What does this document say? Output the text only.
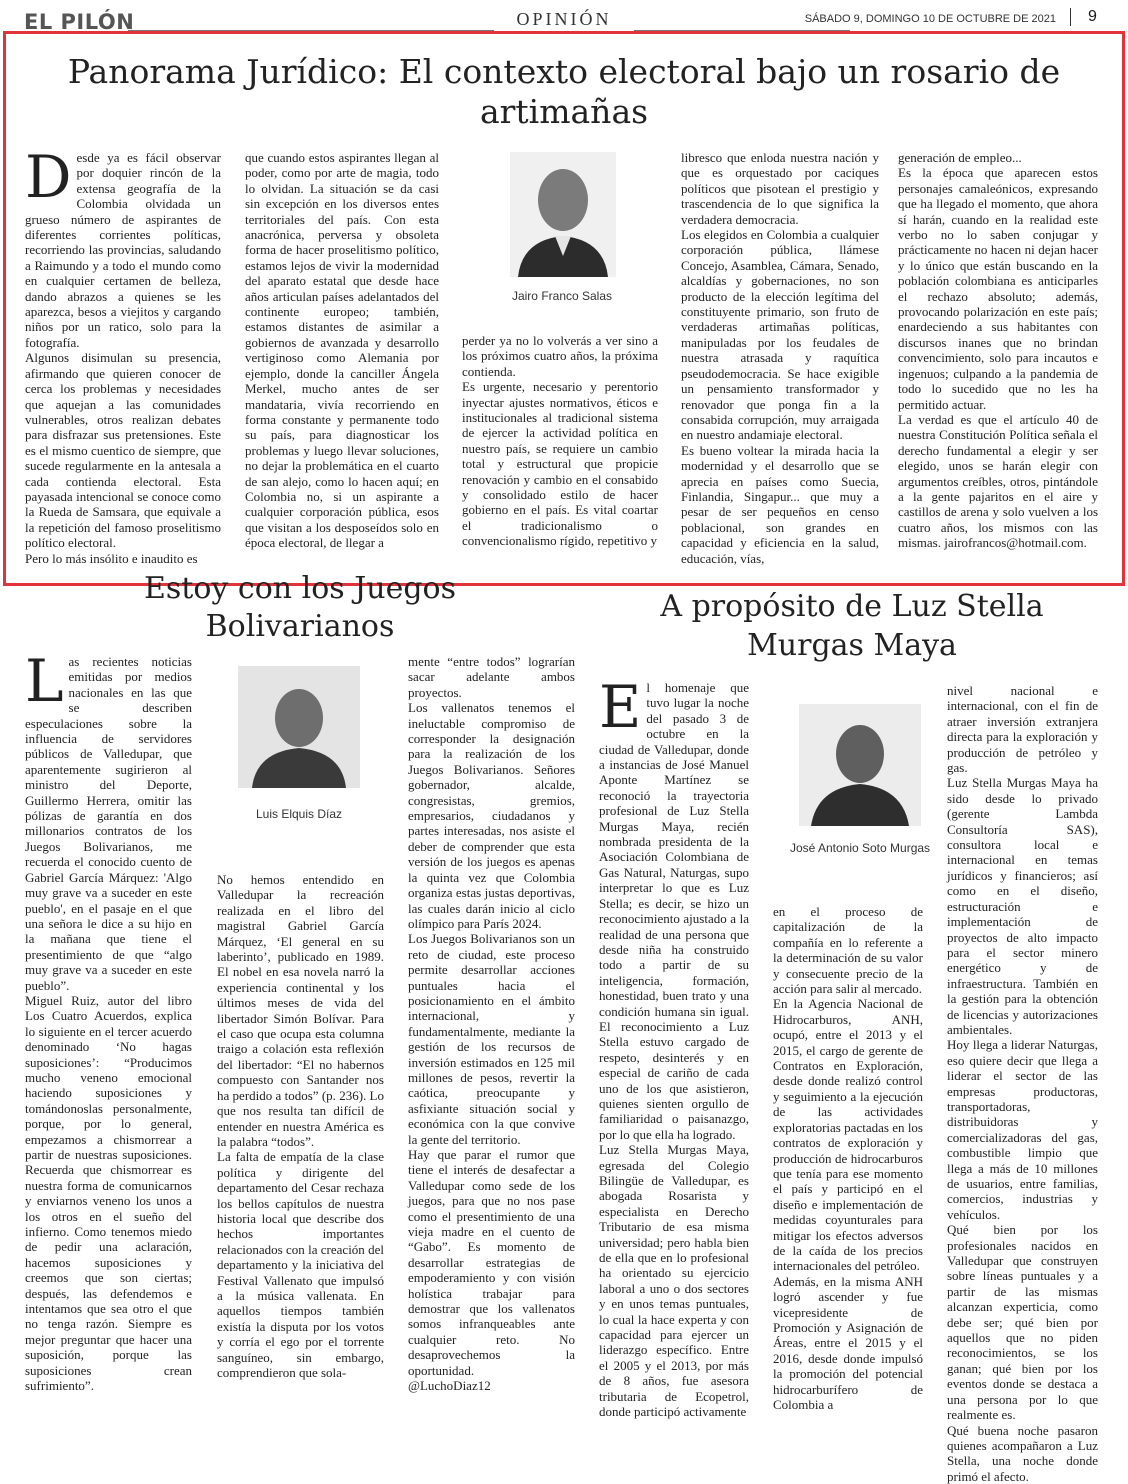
EL PILÓN	OPINIÓN	SÁBADO 9, DOMINGO 10 DE OCTUBRE DE 2021	9
Panorama Jurídico: El contexto electoral bajo un rosario de artimañas
Desde ya es fácil observar por doquier rincón de la extensa geografía de la Colombia olvidada un grueso número de aspirantes de diferentes corrientes políticas, recorriendo las provincias, saludando a Raimundo y a todo el mundo como en cualquier certamen de belleza, dando abrazos a quienes se les aparezca, besos a viejitos y cargando niños por un ratico, solo para la fotografía.
Algunos disimulan su presencia, afirmando que quieren conocer de cerca los problemas y necesidades que aquejan a las comunidades vulnerables, otros realizan debates para disfrazar sus pretensiones. Este es el mismo cuentico de siempre, que sucede regularmente en la antesala a cada contienda electoral. Esta payasada intencional se conoce como la Rueda de Samsara, que equivale a la repetición del famoso proselitismo político electoral.
Pero lo más insólito e inaudito es
que cuando estos aspirantes llegan al poder, como por arte de magia, todo lo olvidan. La situación se da casi sin excepción en los diversos entes territoriales del país. Con esta anacrónica, perversa y obsoleta forma de hacer proselitismo político, estamos lejos de vivir la modernidad del aparato estatal que desde hace años articulan países adelantados del continente europeo; también, estamos distantes de asimilar a gobiernos de avanzada y desarrollo vertiginoso como Alemania por ejemplo, donde la canciller Ángela Merkel, mucho antes de ser mandataria, vivía recorriendo en forma constante y permanente todo su país, para diagnosticar los problemas y luego llevar soluciones, no dejar la problemática en el cuarto de san alejo, como lo hacen aquí; en Colombia no, si un aspirante a cualquier corporación pública, esos que visitan a los desposeídos solo en época electoral, de llegar a
Jairo Franco Salas
perder ya no lo volverás a ver sino a los próximos cuatro años, la próxima contienda.
Es urgente, necesario y perentorio inyectar ajustes normativos, éticos e institucionales al tradicional sistema de ejercer la actividad política en nuestro país, se requiere un cambio total y estructural que propicie renovación y cambio en el consabido y consolidado estilo de hacer gobierno en el país. Es vital coartar el tradicionalismo o convencionalismo rígido, repetitivo y
libresco que enloda nuestra nación y que es orquestado por caciques políticos que pisotean el prestigio y trascendencia de lo que significa la verdadera democracia.
Los elegidos en Colombia a cualquier corporación pública, llámese Concejo, Asamblea, Cámara, Senado, alcaldías y gobernaciones, no son producto de la elección legítima del constituyente primario, son fruto de verdaderas artimañas políticas, manipuladas por los feudales de nuestra atrasada y raquítica pseudodemocracia. Se hace exigible un pensamiento transformador y renovador que ponga fin a la consabida corrupción, muy arraigada en nuestro andamiaje electoral.
Es bueno voltear la mirada hacia la modernidad y el desarrollo que se aprecia en países como Suecia, Finlandia, Singapur... que muy a pesar de ser pequeños en censo poblacional, son grandes en capacidad y eficiencia en la salud, educación, vías,
generación de empleo...
Es la época que aparecen estos personajes camaleónicos, expresando que ha llegado el momento, que ahora sí harán, cuando en la realidad este verbo no lo saben conjugar y prácticamente no hacen ni dejan hacer y lo único que están buscando en la población colombiana es anticiparles el rechazo absoluto; además, provocando polarización en este país; enardeciendo a sus habitantes con discursos inanes que no brindan convencimiento, solo para incautos e ingenuos; culpando a la pandemia de todo lo sucedido que no les ha permitido actuar.
La verdad es que el artículo 40 de nuestra Constitución Política señala el derecho fundamental a elegir y ser elegido, unos se harán elegir con argumentos creíbles, otros, pintándole a la gente pajaritos en el aire y castillos de arena y solo vuelven a los cuatro años, los mismos con las mismas. jairofrancos@hotmail.com.
Estoy con los Juegos Bolivarianos
Las recientes noticias emitidas por medios nacionales en las que se describen especulaciones sobre la influencia de servidores públicos de Valledupar, que aparentemente sugirieron al ministro del Deporte, Guillermo Herrera, omitir las pólizas de garantía en dos millonarios contratos de los Juegos Bolivarianos, me recuerda el conocido cuento de Gabriel García Márquez: 'Algo muy grave va a suceder en este pueblo', en el pasaje en el que una señora le dice a su hijo en la mañana que tiene el presentimiento de que “algo muy grave va a suceder en este pueblo”.
Miguel Ruiz, autor del libro Los Cuatro Acuerdos, explica lo siguiente en el tercer acuerdo denominado ‘No hagas suposiciones’: “Producimos mucho veneno emocional haciendo suposiciones y tomándonoslas personalmente, porque, por lo general, empezamos a chismorrear a partir de nuestras suposiciones. Recuerda que chismorrear es nuestra forma de comunicarnos y enviarnos veneno los unos a los otros en el sueño del infierno. Como tenemos miedo de pedir una aclaración, hacemos suposiciones y creemos que son ciertas; después, las defendemos e intentamos que sea otro el que no tenga razón. Siempre es mejor preguntar que hacer una suposición, porque las suposiciones crean sufrimiento”.
Luis Elquis Díaz
No hemos entendido en Valledupar la recreación realizada en el libro del magistral Gabriel García Márquez, ‘El general en su laberinto’, publicado en 1989. El nobel en esa novela narró la experiencia continental y los últimos meses de vida del libertador Simón Bolívar. Para el caso que ocupa esta columna traigo a colación esta reflexión del libertador: “El no habernos compuesto con Santander nos ha perdido a todos” (p. 236). Lo que nos resulta tan difícil de entender en nuestra América es la palabra “todos”.
La falta de empatía de la clase política y dirigente del departamento del Cesar rechaza los bellos capítulos de nuestra historia local que describe dos hechos importantes relacionados con la creación del departamento y la iniciativa del Festival Vallenato que impulsó a la música vallenata. En aquellos tiempos también existía la disputa por los votos y corría el ego por el torrente sanguíneo, sin embargo, comprendieron que sola-
mente “entre todos” lograrían sacar adelante ambos proyectos.
Los vallenatos tenemos el ineluctable compromiso de corresponder la designación para la realización de los Juegos Bolivarianos. Señores gobernador, alcalde, congresistas, gremios, empresarios, ciudadanos y partes interesadas, nos asiste el deber de comprender que esta versión de los juegos es apenas la quinta vez que Colombia organiza estas justas deportivas, las cuales darán inicio al ciclo olímpico para París 2024.
Los Juegos Bolivarianos son un reto de ciudad, este proceso permite desarrollar acciones puntuales hacia el posicionamiento en el ámbito internacional, y fundamentalmente, mediante la gestión de los recursos de inversión estimados en 125 mil millones de pesos, revertir la caótica, preocupante y asfixiante situación social y económica con la que convive la gente del territorio.
Hay que parar el rumor que tiene el interés de desafectar a Valledupar como sede de los juegos, para que no nos pase como el presentimiento de una vieja madre en el cuento de “Gabo”. Es momento de desarrollar estrategias de empoderamiento y con visión holística trabajar para demostrar que los vallenatos somos infranqueables ante cualquier reto. No desaprovechemos la oportunidad.
@LuchoDiaz12
A propósito de Luz Stella Murgas Maya
El homenaje que tuvo lugar la noche del pasado 3 de octubre en la ciudad de Valledupar, donde a instancias de José Manuel Aponte Martínez se reconoció la trayectoria profesional de Luz Stella Murgas Maya, recién nombrada presidenta de la Asociación Colombiana de Gas Natural, Naturgas, supo interpretar lo que es Luz Stella; es decir, se hizo un reconocimiento ajustado a la realidad de una persona que desde niña ha construido todo a partir de su inteligencia, formación, honestidad, buen trato y una condición humana sin igual. El reconocimiento a Luz Stella estuvo cargado de respeto, desinterés y en especial de cariño de cada uno de los que asistieron, quienes sienten orgullo de familiaridad o paisanazgo, por lo que ella ha logrado.
Luz Stella Murgas Maya, egresada del Colegio Bilingüe de Valledupar, es abogada Rosarista y especialista en Derecho Tributario de esa misma universidad; pero habla bien de ella que en lo profesional ha orientado su ejercicio laboral a uno o dos sectores y en unos temas puntuales, lo cual la hace experta y con capacidad para ejercer un liderazgo específico. Entre el 2005 y el 2013, por más de 8 años, fue asesora tributaria de Ecopetrol, donde participó activamente
José Antonio Soto Murgas
en el proceso de capitalización de la compañía en lo referente a la determinación de su valor y consecuente precio de la acción para salir al mercado.
En la Agencia Nacional de Hidrocarburos, ANH, ocupó, entre el 2013 y el 2015, el cargo de gerente de Contratos en Exploración, desde donde realizó control y seguimiento a la ejecución de las actividades exploratorias pactadas en los contratos de exploración y producción de hidrocarburos que tenía para ese momento el país y participó en el diseño e implementación de medidas coyunturales para mitigar los efectos adversos de la caída de los precios internacionales del petróleo.
Además, en la misma ANH logró ascender y fue vicepresidente de Promoción y Asignación de Áreas, entre el 2015 y el 2016, desde donde impulsó la promoción del potencial hidrocarburífero de Colombia a
nivel nacional e internacional, con el fin de atraer inversión extranjera directa para la exploración y producción de petróleo y gas.
Luz Stella Murgas Maya ha sido desde lo privado (gerente Lambda Consultoría SAS), consultora local e internacional en temas jurídicos y financieros; así como en el diseño, estructuración e implementación de proyectos de alto impacto para el sector minero energético y de infraestructura. También en la gestión para la obtención de licencias y autorizaciones ambientales.
Hoy llega a liderar Naturgas, eso quiere decir que llega a liderar el sector de las empresas productoras, transportadoras, distribuidoras y comercializadoras del gas, combustible limpio que llega a más de 10 millones de usuarios, entre familias, comercios, industrias y vehículos.
Qué bien por los profesionales nacidos en Valledupar que construyen sobre líneas puntuales y a partir de las mismas alcanzan experticia, como debe ser; qué bien por aquellos que no piden reconocimientos, se los ganan; qué bien por los eventos donde se destaca a una persona por lo que realmente es.
Qué buena noche pasaron quienes acompañaron a Luz Stella, una noche donde primó el afecto.
